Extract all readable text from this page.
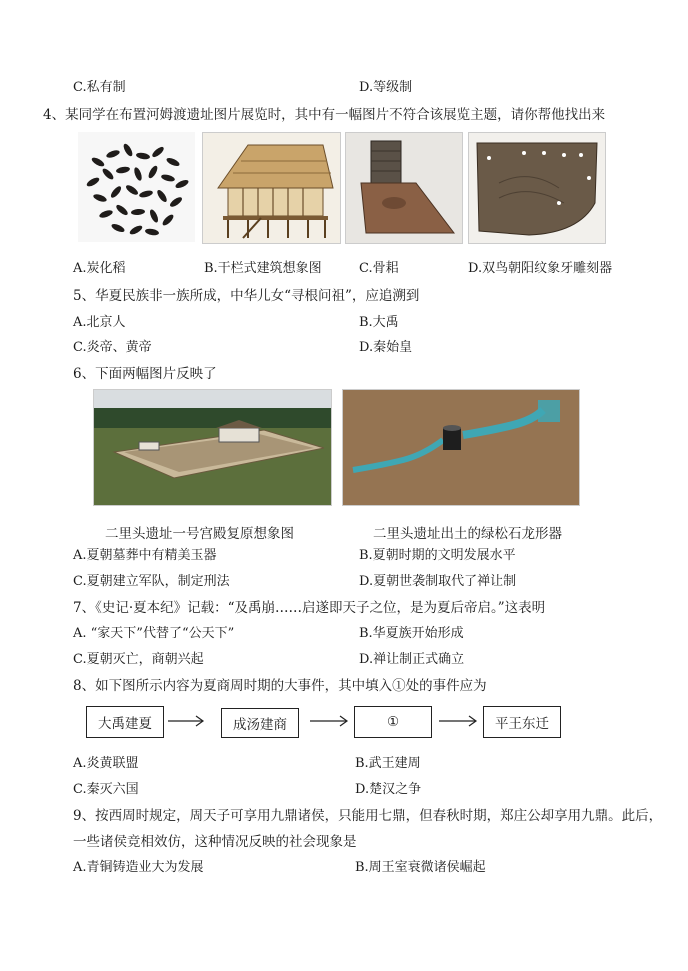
C.私有制	D.等级制
4、某同学在布置河姆渡遗址图片展览时，其中有一幅图片不符合该展览主题，请你帮他找出来
A.炭化稻	B.干栏式建筑想象图	C.骨耜	D.双鸟朝阳纹象牙雕刻器
5、华夏民族非一族所成，中华儿女“寻根问祖”，应追溯到
A.北京人	B.大禹
C.炎帝、黄帝	D.秦始皇
6、下面两幅图片反映了
二里头遗址一号宫殿复原想象图	二里头遗址出土的绿松石龙形器
A.夏朝墓葬中有精美玉器	B.夏朝时期的文明发展水平
C.夏朝建立军队，制定刑法	D.夏朝世袭制取代了禅让制
7、《史记·夏本纪》记载：“及禹崩……启遂即天子之位，是为夏后帝启。”这表明
A. “家天下”代替了“公天下”	B.华夏族开始形成
C.夏朝灭亡，商朝兴起	D.禅让制正式确立
8、如下图所示内容为夏商周时期的大事件，其中填入①处的事件应为
大禹建夏	成汤建商	①	平王东迁
A.炎黄联盟	B.武王建周
C.秦灭六国	D.楚汉之争
9、按西周时规定，周天子可享用九鼎诸侯，只能用七鼎，但春秋时期，郑庄公却享用九鼎。此后，
一些诸侯竞相效仿，这种情况反映的社会现象是
A.青铜铸造业大为发展	B.周王室衰微诸侯崛起
